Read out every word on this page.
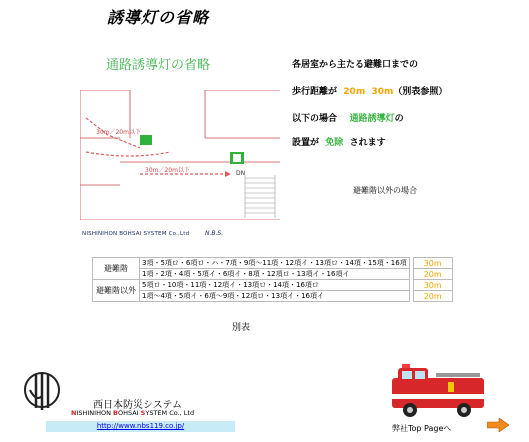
誘導灯の省略
通路誘導灯の省略	各居室から主たる避難口までの
歩行距離が 20m 30m（別表参照）
以下の場合 通路誘導灯の
設置が 免除 されます
30m／20m以下
30m／20m以下	DN
避難階以外の場合
NISHINIHON BOHSAI SYSTEM Co.,Ltd	N.B.S.
避難階	3項・5項ロ・6項ロ・ハ・7項・9項～11項・12項イ・13項ロ・14項・15項・16項		30m
	1項・2項・4項・5項イ・6項イ・8項・12項ロ・13項イ・16項イ		20m
避難階以外	5項ロ・10項・11項・12項イ・13項ロ・14項・16項ロ		30m
	1項～4項・5項イ・6項～9項・12項ロ・13項イ・16項イ		20m
別表
西日本防災システム
NISHINIHON BOHSAI SYSTEM Co., Ltd
http://www.nbs119.co.jp/	弊社Top Pageへ
